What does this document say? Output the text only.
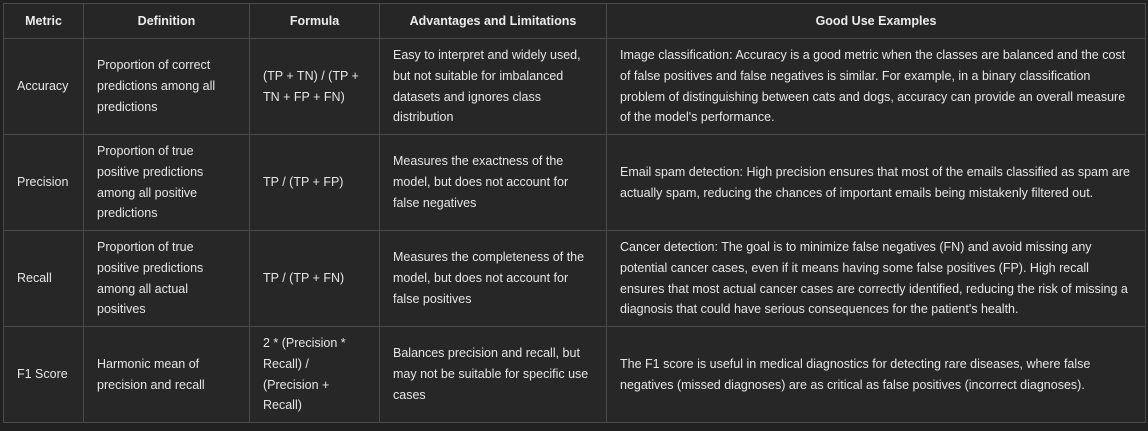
Metric	Definition	Formula	Advantages and Limitations	Good Use Examples
Accuracy	Proportion of correct predictions among all predictions	(TP + TN) / (TP + TN + FP + FN)	Easy to interpret and widely used, but not suitable for imbalanced datasets and ignores class distribution	Image classification: Accuracy is a good metric when the classes are balanced and the cost of false positives and false negatives is similar. For example, in a binary classification problem of distinguishing between cats and dogs, accuracy can provide an overall measure of the model's performance.
Precision	Proportion of true positive predictions among all positive predictions	TP / (TP + FP)	Measures the exactness of the model, but does not account for false negatives	Email spam detection: High precision ensures that most of the emails classified as spam are actually spam, reducing the chances of important emails being mistakenly filtered out.
Recall	Proportion of true positive predictions among all actual positives	TP / (TP + FN)	Measures the completeness of the model, but does not account for false positives	Cancer detection: The goal is to minimize false negatives (FN) and avoid missing any potential cancer cases, even if it means having some false positives (FP). High recall ensures that most actual cancer cases are correctly identified, reducing the risk of missing a diagnosis that could have serious consequences for the patient's health.
F1 Score	Harmonic mean of precision and recall	2 * (Precision * Recall) / (Precision + Recall)	Balances precision and recall, but may not be suitable for specific use cases	The F1 score is useful in medical diagnostics for detecting rare diseases, where false negatives (missed diagnoses) are as critical as false positives (incorrect diagnoses).
